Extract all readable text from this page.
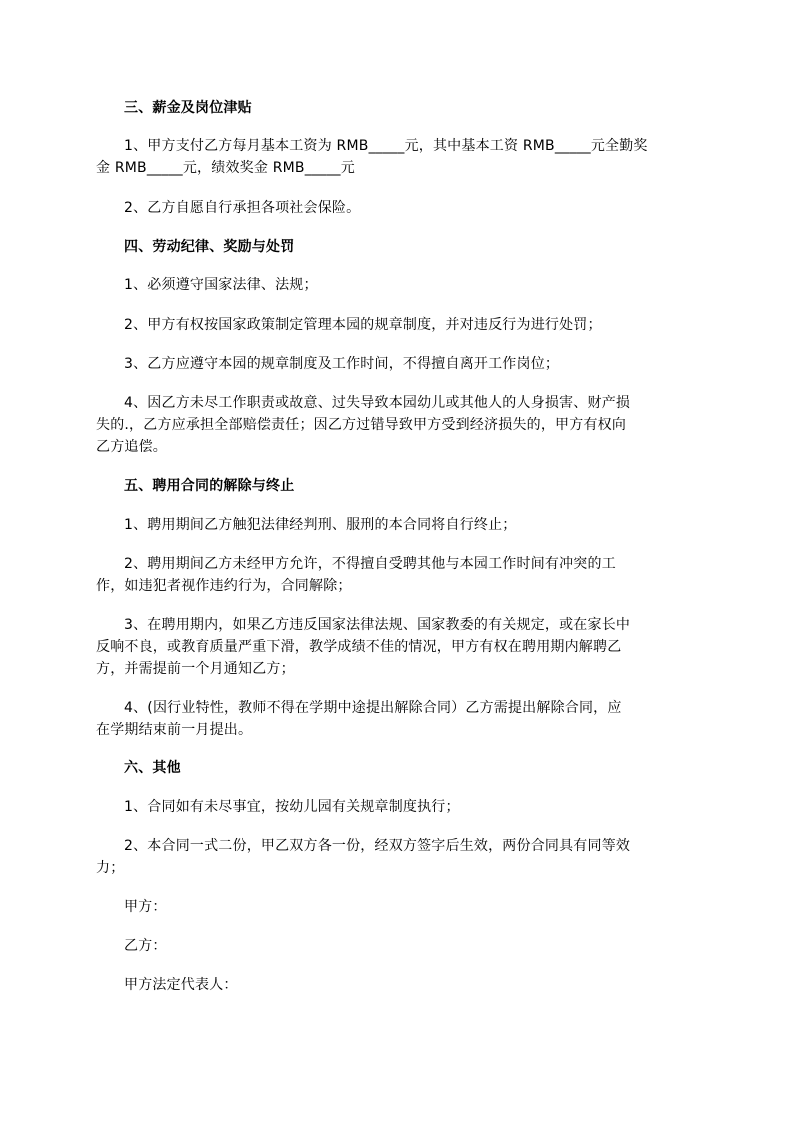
三、薪金及岗位津贴
1、甲方支付乙方每月基本工资为 RMB_____元，其中基本工资 RMB_____元全勤奖
金 RMB_____元，绩效奖金 RMB_____元
2、乙方自愿自行承担各项社会保险。
四、劳动纪律、奖励与处罚
1、必须遵守国家法律、法规；
2、甲方有权按国家政策制定管理本园的规章制度，并对违反行为进行处罚；
3、乙方应遵守本园的规章制度及工作时间，不得擅自离开工作岗位；
4、因乙方未尽工作职责或故意、过失导致本园幼儿或其他人的人身损害、财产损
失的.，乙方应承担全部赔偿责任；因乙方过错导致甲方受到经济损失的，甲方有权向
乙方追偿。
五、聘用合同的解除与终止
1、聘用期间乙方触犯法律经判刑、服刑的本合同将自行终止；
2、聘用期间乙方未经甲方允许，不得擅自受聘其他与本园工作时间有冲突的工
作，如违犯者视作违约行为，合同解除；
3、在聘用期内，如果乙方违反国家法律法规、国家教委的有关规定，或在家长中
反响不良，或教育质量严重下滑，教学成绩不佳的情况，甲方有权在聘用期内解聘乙
方，并需提前一个月通知乙方；
4、(因行业特性，教师不得在学期中途提出解除合同）乙方需提出解除合同，应
在学期结束前一月提出。
六、其他
1、合同如有未尽事宜，按幼儿园有关规章制度执行；
2、本合同一式二份，甲乙双方各一份，经双方签字后生效，两份合同具有同等效
力；
甲方：
乙方：
甲方法定代表人：
